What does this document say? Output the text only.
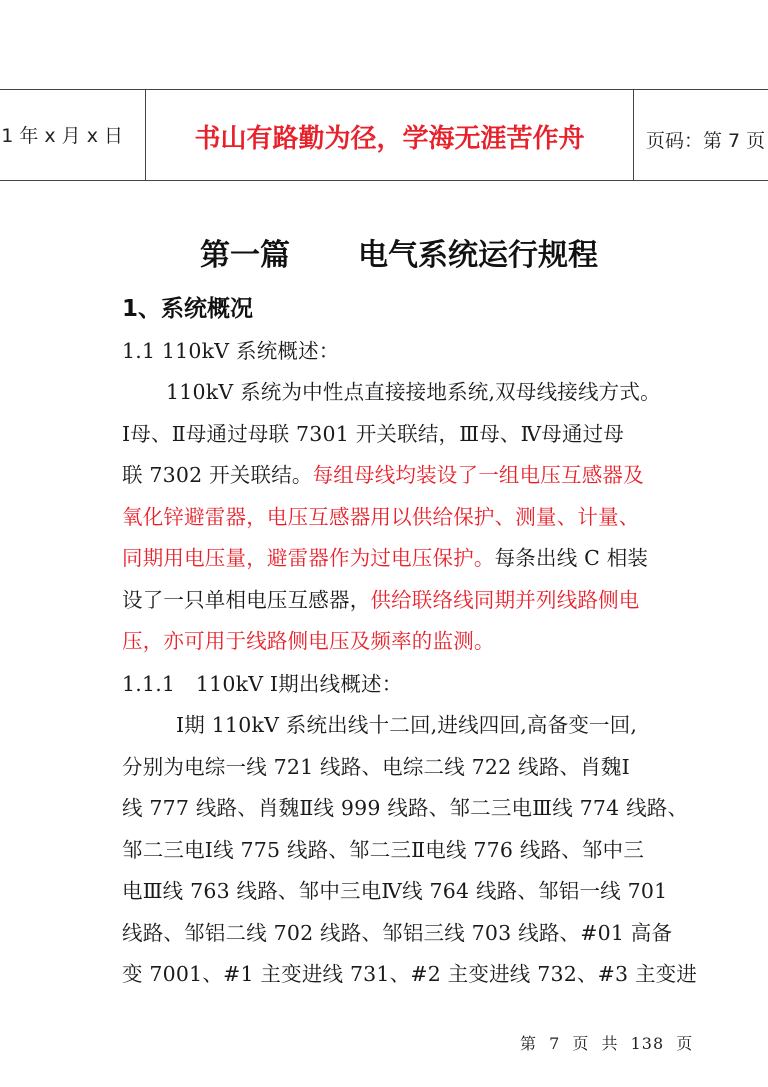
1 年 x 月 x 日	书山有路勤为径，学海无涯苦作舟	页码：第 7 页
第一篇 电气系统运行规程
1、系统概况
1.1 110kV 系统概述：
110kV 系统为中性点直接接地系统,双母线接线方式。
Ⅰ母、Ⅱ母通过母联 7301 开关联结，Ⅲ母、Ⅳ母通过母
联 7302 开关联结。每组母线均装设了一组电压互感器及
氧化锌避雷器，电压互感器用以供给保护、测量、计量、
同期用电压量，避雷器作为过电压保护。每条出线 C 相装
设了一只单相电压互感器，供给联络线同期并列线路侧电
压，亦可用于线路侧电压及频率的监测。
1.1.1　110kV Ⅰ期出线概述：
Ⅰ期 110kV 系统出线十二回,进线四回,高备变一回,
分别为电综一线 721 线路、电综二线 722 线路、肖魏Ⅰ
线 777 线路、肖魏Ⅱ线 999 线路、邹二三电Ⅲ线 774 线路、
邹二三电Ⅰ线 775 线路、邹二三Ⅱ电线 776 线路、邹中三
电Ⅲ线 763 线路、邹中三电Ⅳ线 764 线路、邹铝一线 701
线路、邹铝二线 702 线路、邹铝三线 703 线路、#01 高备
变 7001、#1 主变进线 731、#2 主变进线 732、#3 主变进
第 7 页 共 138 页
